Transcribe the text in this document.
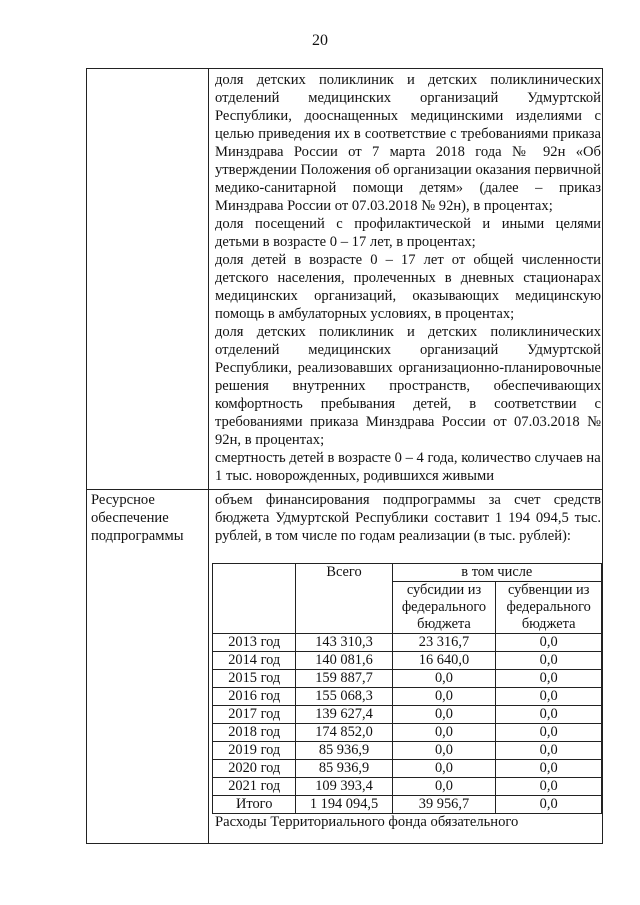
20

доля детских поликлиник и детских поликлинических отделений медицинских организаций Удмуртской Республики, дооснащенных медицинскими изделиями с целью приведения их в соответствие с требованиями приказа Минздрава России от 7 марта 2018 года № 92н «Об утверждении Положения об организации оказания первичной медико-санитарной помощи детям» (далее – приказ Минздрава России от 07.03.2018 № 92н), в процентах;

доля посещений с профилактической и иными целями детьми в возрасте 0 – 17 лет, в процентах;

доля детей в возрасте 0 – 17 лет от общей численности детского населения, пролеченных в дневных стационарах медицинских организаций, оказывающих медицинскую помощь в амбулаторных условиях, в процентах;

доля детских поликлиник и детских поликлинических отделений медицинских организаций Удмуртской Республики, реализовавших организационно-планировочные решения внутренних пространств, обеспечивающих комфортность пребывания детей, в соответствии с требованиями приказа Минздрава России от 07.03.2018 № 92н, в процентах;

смертность детей в возрасте 0 – 4 года, количество случаев на 1 тыс. новорожденных, родившихся живыми

Ресурсное
обеспечение
подпрограммы

объем финансирования подпрограммы за счет средств бюджета Удмуртской Республики составит 1 194 094,5 тыс. рублей, в том числе по годам реализации (в тыс. рублей):

	Всего	в том числе	
		субсидии из федерального бюджета	субвенции из федерального бюджета
2013 год	143 310,3	23 316,7	0,0
2014 год	140 081,6	16 640,0	0,0
2015 год	159 887,7	0,0	0,0
2016 год	155 068,3	0,0	0,0
2017 год	139 627,4	0,0	0,0
2018 год	174 852,0	0,0	0,0
2019 год	85 936,9	0,0	0,0
2020 год	85 936,9	0,0	0,0
2021 год	109 393,4	0,0	0,0
Итого	1 194 094,5	39 956,7	0,0
Расходы Территориального фонда обязательного
